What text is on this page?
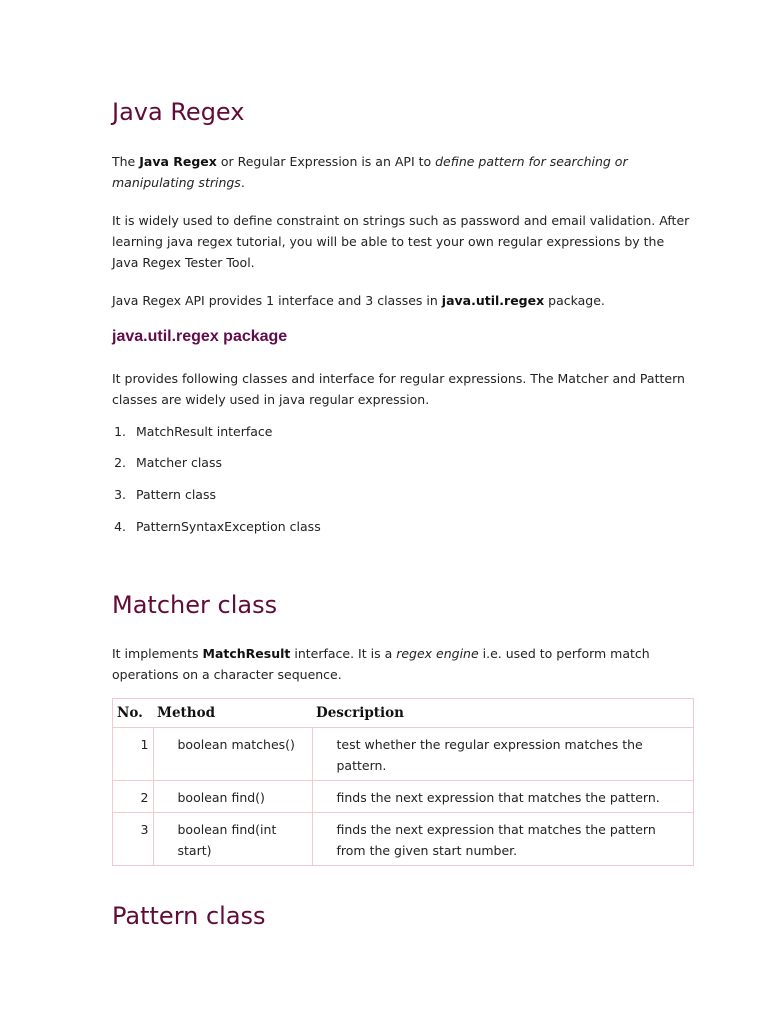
Java Regex

The Java Regex or Regular Expression is an API to define pattern for searching or manipulating strings.

It is widely used to define constraint on strings such as password and email validation. After learning java regex tutorial, you will be able to test your own regular expressions by the Java Regex Tester Tool.

Java Regex API provides 1 interface and 3 classes in java.util.regex package.

java.util.regex package

It provides following classes and interface for regular expressions. The Matcher and Pattern classes are widely used in java regular expression.

1. MatchResult interface
2. Matcher class
3. Pattern class
4. PatternSyntaxException class
Matcher class

It implements MatchResult interface. It is a regex engine i.e. used to perform match operations on a character sequence.

No.	Method	Description
1	boolean matches()	test whether the regular expression matches the pattern.
2	boolean find()	finds the next expression that matches the pattern.
3	boolean find(int start)	finds the next expression that matches the pattern from the given start number.
Pattern class
